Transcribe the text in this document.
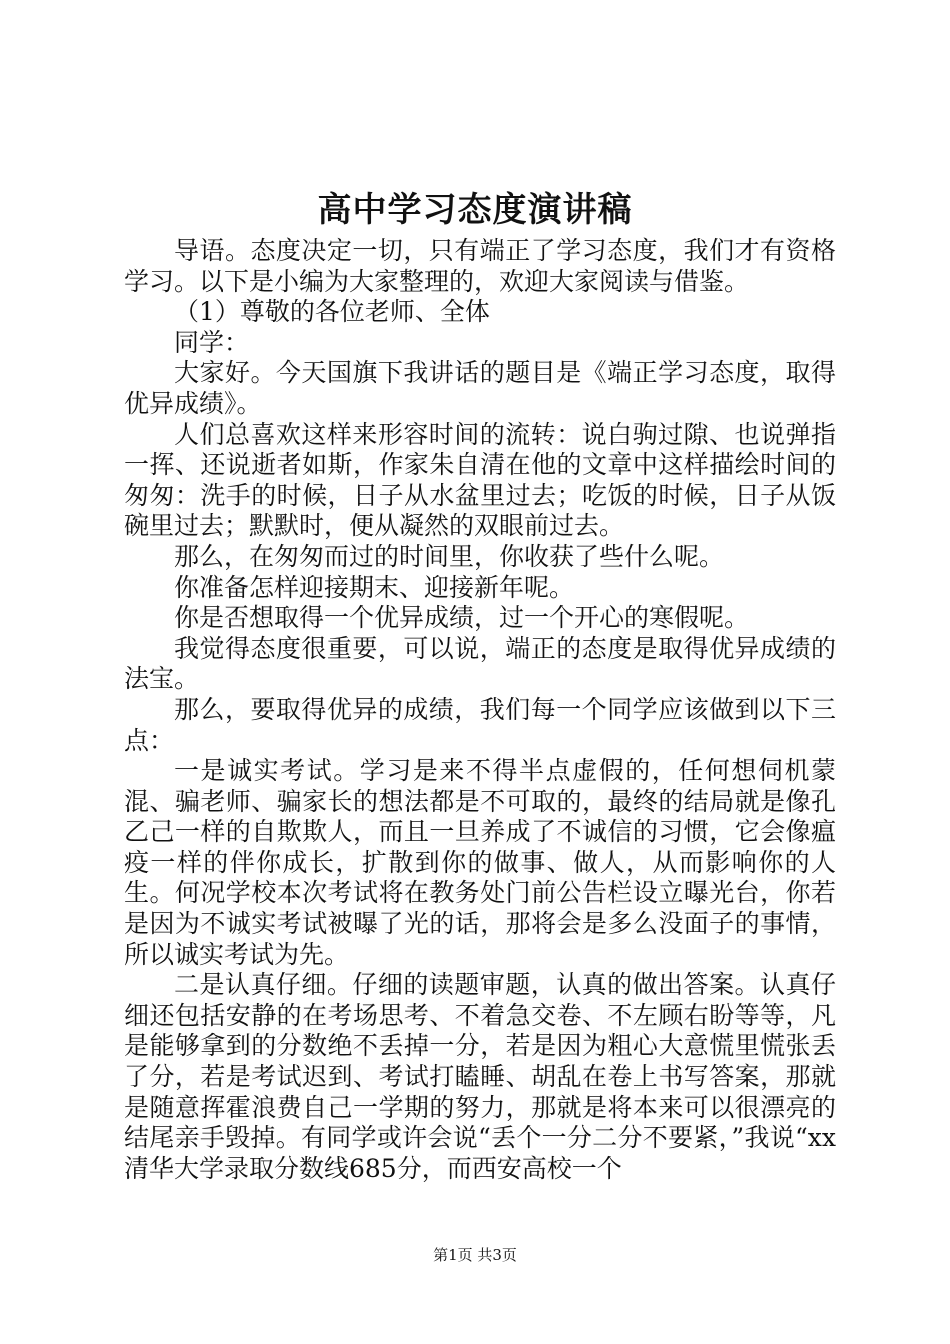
高中学习态度演讲稿

导语。态度决定一切，只有端正了学习态度，我们才有资格学习。以下是小编为大家整理的，欢迎大家阅读与借鉴。

（1）尊敬的各位老师、全体

同学：

大家好。今天国旗下我讲话的题目是《端正学习态度，取得优异成绩》。

人们总喜欢这样来形容时间的流转：说白驹过隙、也说弹指一挥、还说逝者如斯，作家朱自清在他的文章中这样描绘时间的匆匆：洗手的时候，日子从水盆里过去；吃饭的时候，日子从饭碗里过去；默默时，便从凝然的双眼前过去。

那么，在匆匆而过的时间里，你收获了些什么呢。

你准备怎样迎接期末、迎接新年呢。

你是否想取得一个优异成绩，过一个开心的寒假呢。

我觉得态度很重要，可以说，端正的态度是取得优异成绩的法宝。

那么，要取得优异的成绩，我们每一个同学应该做到以下三点：

一是诚实考试。学习是来不得半点虚假的，任何想伺机蒙混、骗老师、骗家长的想法都是不可取的，最终的结局就是像孔乙己一样的自欺欺人，而且一旦养成了不诚信的习惯，它会像瘟疫一样的伴你成长，扩散到你的做事、做人，从而影响你的人生。何况学校本次考试将在教务处门前公告栏设立曝光台，你若是因为不诚实考试被曝了光的话，那将会是多么没面子的事情，所以诚实考试为先。

二是认真仔细。仔细的读题审题，认真的做出答案。认真仔细还包括安静的在考场思考、不着急交卷、不左顾右盼等等，凡是能够拿到的分数绝不丢掉一分，若是因为粗心大意慌里慌张丢了分，若是考试迟到、考试打瞌睡、胡乱在卷上书写答案，那就是随意挥霍浪费自己一学期的努力，那就是将本来可以很漂亮的结尾亲手毁掉。有同学或许会说“丢个一分二分不要紧，”我说“xx清华大学录取分数线685分，而西安高校一个

第1页 共3页
